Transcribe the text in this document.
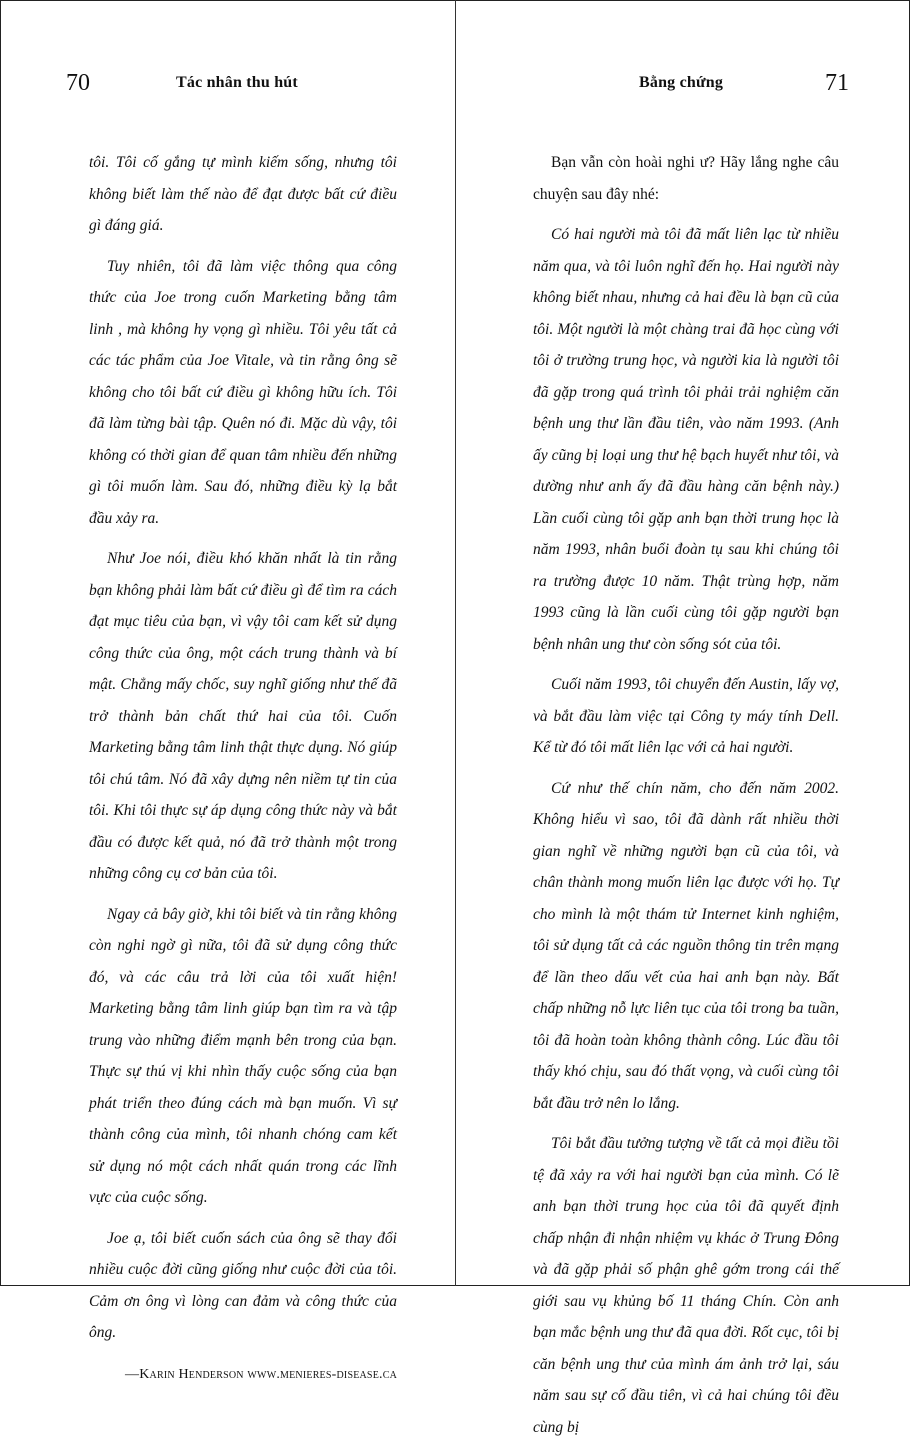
70	Tác nhân thu hút

tôi. Tôi cố gắng tự mình kiếm sống, nhưng tôi không biết làm thế nào để đạt được bất cứ điều gì đáng giá.

Tuy nhiên, tôi đã làm việc thông qua công thức của Joe trong cuốn Marketing bằng tâm linh , mà không hy vọng gì nhiều. Tôi yêu tất cả các tác phẩm của Joe Vitale, và tin rằng ông sẽ không cho tôi bất cứ điều gì không hữu ích. Tôi đã làm từng bài tập. Quên nó đi. Mặc dù vậy, tôi không có thời gian để quan tâm nhiều đến những gì tôi muốn làm. Sau đó, những điều kỳ lạ bắt đầu xảy ra.

Như Joe nói, điều khó khăn nhất là tin rằng bạn không phải làm bất cứ điều gì để tìm ra cách đạt mục tiêu của bạn, vì vậy tôi cam kết sử dụng công thức của ông, một cách trung thành và bí mật. Chẳng mấy chốc, suy nghĩ giống như thế đã trở thành bản chất thứ hai của tôi. Cuốn Marketing bằng tâm linh thật thực dụng. Nó giúp tôi chú tâm. Nó đã xây dựng nên niềm tự tin của tôi. Khi tôi thực sự áp dụng công thức này và bắt đầu có được kết quả, nó đã trở thành một trong những công cụ cơ bản của tôi.

Ngay cả bây giờ, khi tôi biết và tin rằng không còn nghi ngờ gì nữa, tôi đã sử dụng công thức đó, và các câu trả lời của tôi xuất hiện! Marketing bằng tâm linh giúp bạn tìm ra và tập trung vào những điểm mạnh bên trong của bạn. Thực sự thú vị khi nhìn thấy cuộc sống của bạn phát triển theo đúng cách mà bạn muốn. Vì sự thành công của mình, tôi nhanh chóng cam kết sử dụng nó một cách nhất quán trong các lĩnh vực của cuộc sống.

Joe ạ, tôi biết cuốn sách của ông sẽ thay đổi nhiều cuộc đời cũng giống như cuộc đời của tôi. Cảm ơn ông vì lòng can đảm và công thức của ông.

—Karin Henderson www.menieres-disease.ca
Bằng chứng	71

Bạn vẫn còn hoài nghi ư? Hãy lắng nghe câu chuyện sau đây nhé:

Có hai người mà tôi đã mất liên lạc từ nhiều năm qua, và tôi luôn nghĩ đến họ. Hai người này không biết nhau, nhưng cả hai đều là bạn cũ của tôi. Một người là một chàng trai đã học cùng với tôi ở trường trung học, và người kia là người tôi đã gặp trong quá trình tôi phải trải nghiệm căn bệnh ung thư lần đầu tiên, vào năm 1993. (Anh ấy cũng bị loại ung thư hệ bạch huyết như tôi, và dường như anh ấy đã đầu hàng căn bệnh này.) Lần cuối cùng tôi gặp anh bạn thời trung học là năm 1993, nhân buổi đoàn tụ sau khi chúng tôi ra trường được 10 năm. Thật trùng hợp, năm 1993 cũng là lần cuối cùng tôi gặp người bạn bệnh nhân ung thư còn sống sót của tôi.

Cuối năm 1993, tôi chuyển đến Austin, lấy vợ, và bắt đầu làm việc tại Công ty máy tính Dell. Kể từ đó tôi mất liên lạc với cả hai người.

Cứ như thế chín năm, cho đến năm 2002. Không hiểu vì sao, tôi đã dành rất nhiều thời gian nghĩ về những người bạn cũ của tôi, và chân thành mong muốn liên lạc được với họ. Tự cho mình là một thám tử Internet kinh nghiệm, tôi sử dụng tất cả các nguồn thông tin trên mạng để lần theo dấu vết của hai anh bạn này. Bất chấp những nỗ lực liên tục của tôi trong ba tuần, tôi đã hoàn toàn không thành công. Lúc đầu tôi thấy khó chịu, sau đó thất vọng, và cuối cùng tôi bắt đầu trở nên lo lắng.

Tôi bắt đầu tưởng tượng về tất cả mọi điều tồi tệ đã xảy ra với hai người bạn của mình. Có lẽ anh bạn thời trung học của tôi đã quyết định chấp nhận đi nhận nhiệm vụ khác ở Trung Đông và đã gặp phải số phận ghê gớm trong cái thế giới sau vụ khủng bố 11 tháng Chín. Còn anh bạn mắc bệnh ung thư đã qua đời. Rốt cục, tôi bị căn bệnh ung thư của mình ám ảnh trở lại, sáu năm sau sự cố đầu tiên, vì cả hai chúng tôi đều cùng bị
